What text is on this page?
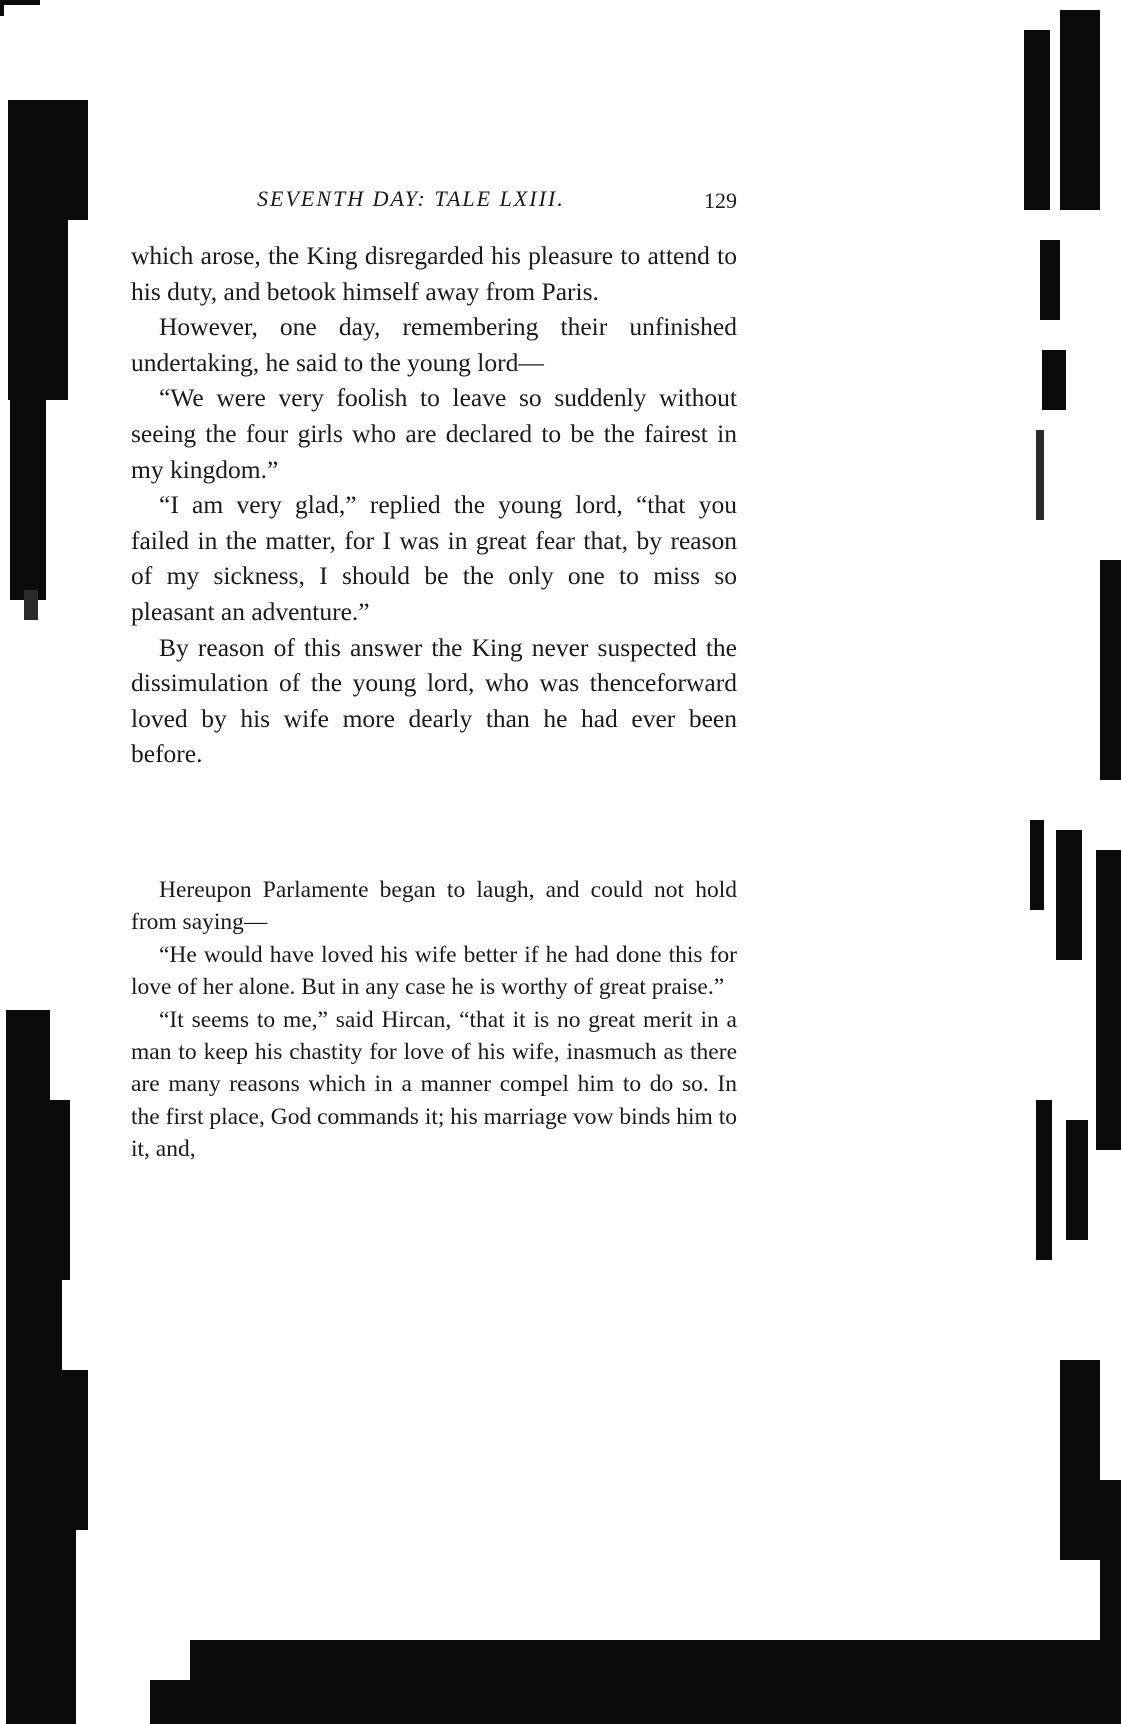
SEVENTH DAY: TALE LXIII.	129

which arose, the King disregarded his pleasure to attend to his duty, and betook himself away from Paris.

However, one day, remembering their unfinished undertaking, he said to the young lord—

“We were very foolish to leave so suddenly without seeing the four girls who are declared to be the fairest in my kingdom.”

“I am very glad,” replied the young lord, “that you failed in the matter, for I was in great fear that, by reason of my sickness, I should be the only one to miss so pleasant an adventure.”

By reason of this answer the King never suspected the dissimulation of the young lord, who was thenceforward loved by his wife more dearly than he had ever been before.

Hereupon Parlamente began to laugh, and could not hold from saying—

“He would have loved his wife better if he had done this for love of her alone. But in any case he is worthy of great praise.”

“It seems to me,” said Hircan, “that it is no great merit in a man to keep his chastity for love of his wife, inasmuch as there are many reasons which in a manner compel him to do so. In the first place, God commands it; his marriage vow binds him to it, and,
